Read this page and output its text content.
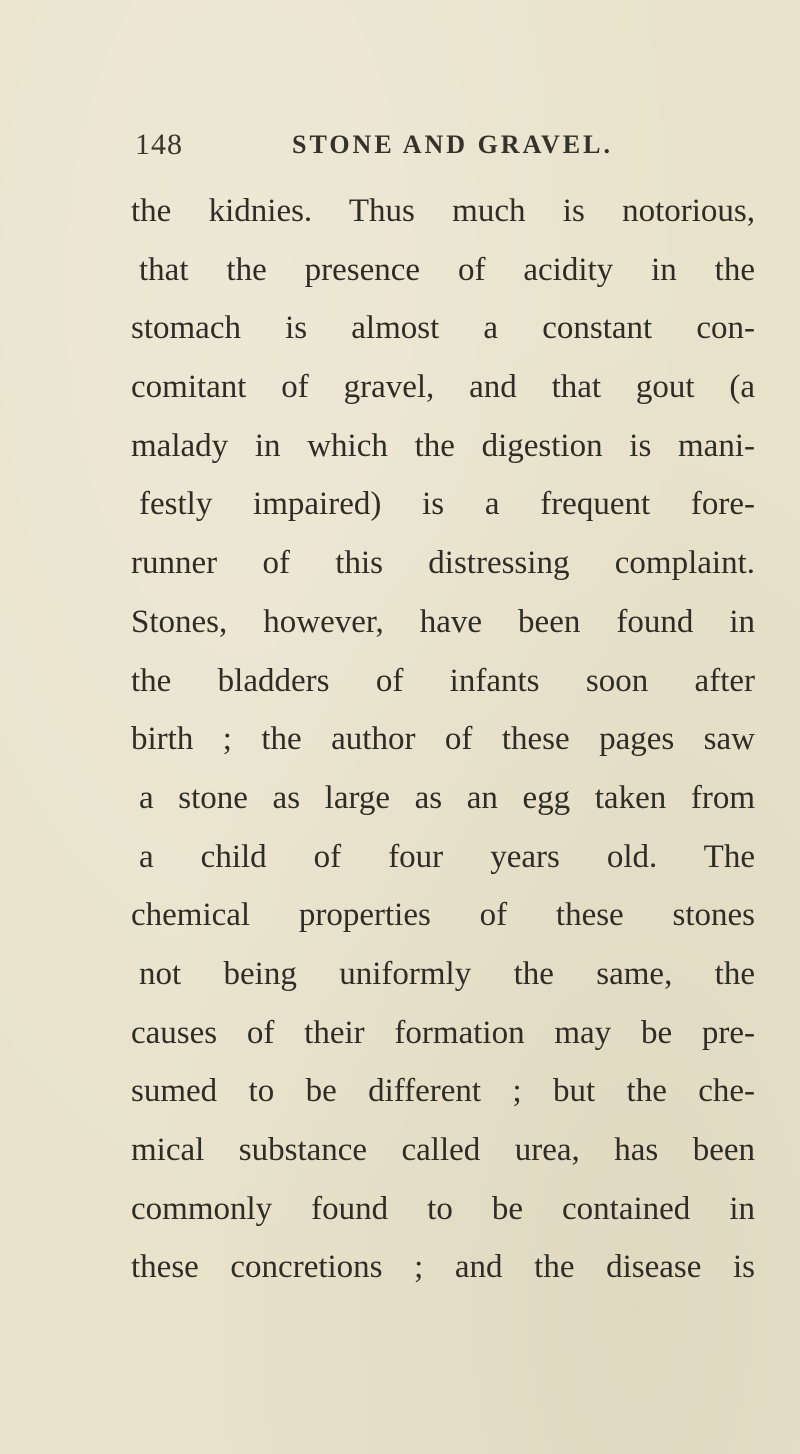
148	STONE AND GRAVEL.
the kidnies. Thus much is notorious,
that the presence of acidity in the
stomach is almost a constant con-
comitant of gravel, and that gout (a
malady in which the digestion is mani-
festly impaired) is a frequent fore-
runner of this distressing complaint.
Stones, however, have been found in
the bladders of infants soon after
birth ; the author of these pages saw
a stone as large as an egg taken from
a child of four years old. The
chemical properties of these stones
not being uniformly the same, the
causes of their formation may be pre-
sumed to be different ; but the che-
mical substance called urea, has been
commonly found to be contained in
these concretions ; and the disease is
